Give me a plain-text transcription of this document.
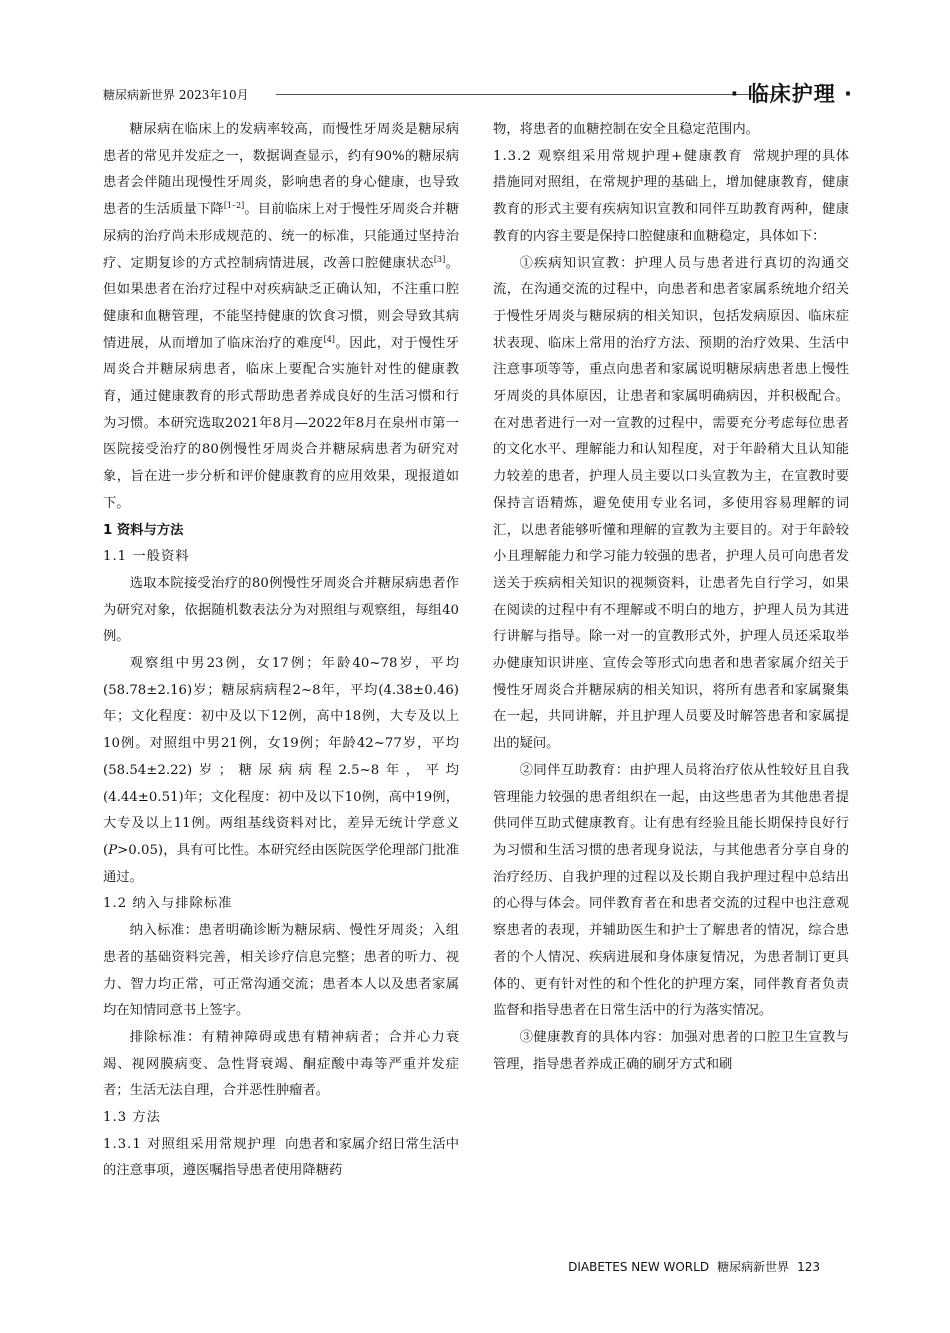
糖尿病新世界 2023年10月	· 临床护理 ·

糖尿病在临床上的发病率较高，而慢性牙周炎是糖尿病患者的常见并发症之一，数据调查显示，约有90%的糖尿病患者会伴随出现慢性牙周炎，影响患者的身心健康，也导致患者的生活质量下降[1–2]。目前临床上对于慢性牙周炎合并糖尿病的治疗尚未形成规范的、统一的标准，只能通过坚持治疗、定期复诊的方式控制病情进展，改善口腔健康状态[3]。但如果患者在治疗过程中对疾病缺乏正确认知，不注重口腔健康和血糖管理，不能坚持健康的饮食习惯，则会导致其病情进展，从而增加了临床治疗的难度[4]。因此，对于慢性牙周炎合并糖尿病患者，临床上要配合实施针对性的健康教育，通过健康教育的形式帮助患者养成良好的生活习惯和行为习惯。本研究选取2021年8月—2022年8月在泉州市第一医院接受治疗的80例慢性牙周炎合并糖尿病患者为研究对象，旨在进一步分析和评价健康教育的应用效果，现报道如下。

1 资料与方法

1.1 一般资料

选取本院接受治疗的80例慢性牙周炎合并糖尿病患者作为研究对象，依据随机数表法分为对照组与观察组，每组40例。

观察组中男23例，女17例；年龄40~78岁，平均(58.78±2.16)岁；糖尿病病程2~8年，平均(4.38±0.46)年；文化程度：初中及以下12例，高中18例，大专及以上10例。对照组中男21例，女19例；年龄42~77岁，平均(58.54±2.22)岁；糖尿病病程2.5~8年，平均(4.44±0.51)年；文化程度：初中及以下10例，高中19例，大专及以上11例。两组基线资料对比，差异无统计学意义(P>0.05)，具有可比性。本研究经由医院医学伦理部门批准通过。

1.2 纳入与排除标准

纳入标准：患者明确诊断为糖尿病、慢性牙周炎；入组患者的基础资料完善，相关诊疗信息完整；患者的听力、视力、智力均正常，可正常沟通交流；患者本人以及患者家属均在知情同意书上签字。

排除标准：有精神障碍或患有精神病者；合并心力衰竭、视网膜病变、急性肾衰竭、酮症酸中毒等严重并发症者；生活无法自理，合并恶性肿瘤者。

1.3 方法

1.3.1 对照组采用常规护理 向患者和家属介绍日常生活中的注意事项，遵医嘱指导患者使用降糖药

物，将患者的血糖控制在安全且稳定范围内。

1.3.2 观察组采用常规护理+健康教育 常规护理的具体措施同对照组，在常规护理的基础上，增加健康教育，健康教育的形式主要有疾病知识宣教和同伴互助教育两种，健康教育的内容主要是保持口腔健康和血糖稳定，具体如下：

①疾病知识宣教：护理人员与患者进行真切的沟通交流，在沟通交流的过程中，向患者和患者家属系统地介绍关于慢性牙周炎与糖尿病的相关知识，包括发病原因、临床症状表现、临床上常用的治疗方法、预期的治疗效果、生活中注意事项等等，重点向患者和家属说明糖尿病患者患上慢性牙周炎的具体原因，让患者和家属明确病因，并积极配合。在对患者进行一对一宣教的过程中，需要充分考虑每位患者的文化水平、理解能力和认知程度，对于年龄稍大且认知能力较差的患者，护理人员主要以口头宣教为主，在宣教时要保持言语精炼，避免使用专业名词，多使用容易理解的词汇，以患者能够听懂和理解的宣教为主要目的。对于年龄较小且理解能力和学习能力较强的患者，护理人员可向患者发送关于疾病相关知识的视频资料，让患者先自行学习，如果在阅读的过程中有不理解或不明白的地方，护理人员为其进行讲解与指导。除一对一的宣教形式外，护理人员还采取举办健康知识讲座、宣传会等形式向患者和患者家属介绍关于慢性牙周炎合并糖尿病的相关知识，将所有患者和家属聚集在一起，共同讲解，并且护理人员要及时解答患者和家属提出的疑问。

②同伴互助教育：由护理人员将治疗依从性较好且自我管理能力较强的患者组织在一起，由这些患者为其他患者提供同伴互助式健康教育。让有患有经验且能长期保持良好行为习惯和生活习惯的患者现身说法，与其他患者分享自身的治疗经历、自我护理的过程以及长期自我护理过程中总结出的心得与体会。同伴教育者在和患者交流的过程中也注意观察患者的表现，并辅助医生和护士了解患者的情况，综合患者的个人情况、疾病进展和身体康复情况，为患者制订更具体的、更有针对性的和个性化的护理方案，同伴教育者负责监督和指导患者在日常生活中的行为落实情况。

③健康教育的具体内容：加强对患者的口腔卫生宣教与管理，指导患者养成正确的刷牙方式和刷

DIABETES NEW WORLD 糖尿病新世界 123
